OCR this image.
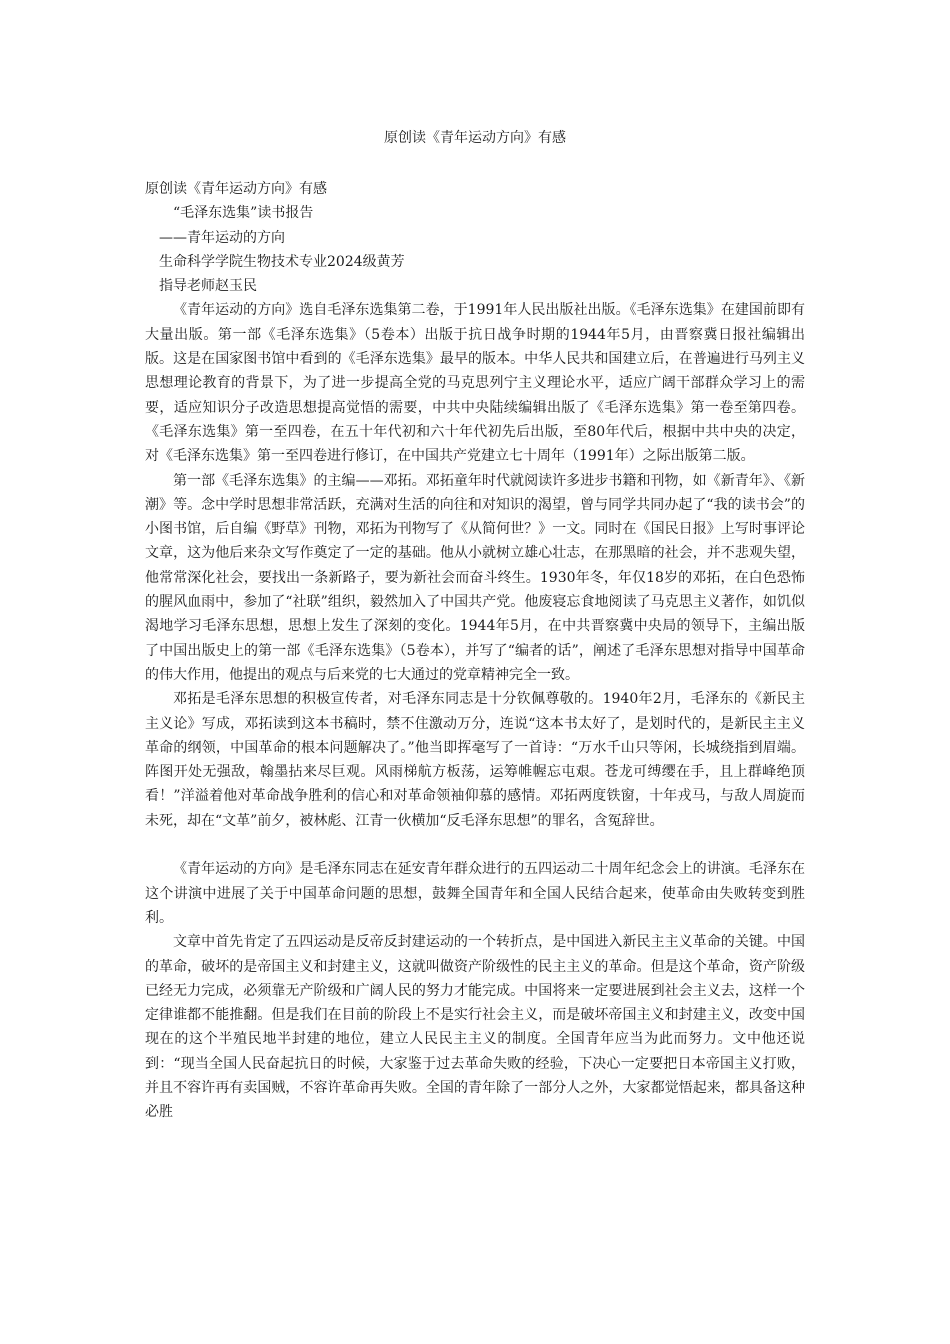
原创读《青年运动方向》有感

原创读《青年运动方向》有感

“毛泽东选集”读书报告

——青年运动的方向

生命科学学院生物技术专业2024级黄芳

指导老师赵玉民

《青年运动的方向》选自毛泽东选集第二卷，于1991年人民出版社出版。《毛泽东选集》在建国前即有大量出版。第一部《毛泽东选集》（5卷本）出版于抗日战争时期的1944年5月，由晋察冀日报社编辑出版。这是在国家图书馆中看到的《毛泽东选集》最早的版本。中华人民共和国建立后，在普遍进行马列主义思想理论教育的背景下，为了进一步提高全党的马克思列宁主义理论水平，适应广阔干部群众学习上的需要，适应知识分子改造思想提高觉悟的需要，中共中央陆续编辑出版了《毛泽东选集》第一卷至第四卷。《毛泽东选集》第一至四卷，在五十年代初和六十年代初先后出版，至80年代后，根据中共中央的决定，对《毛泽东选集》第一至四卷进行修订，在中国共产党建立七十周年（1991年）之际出版第二版。

第一部《毛泽东选集》的主编——邓拓。邓拓童年时代就阅读许多进步书籍和刊物，如《新青年》、《新潮》等。念中学时思想非常活跃，充满对生活的向往和对知识的渴望，曾与同学共同办起了“我的读书会”的小图书馆，后自编《野草》刊物，邓拓为刊物写了《从简何世？》一文。同时在《国民日报》上写时事评论文章，这为他后来杂文写作奠定了一定的基础。他从小就树立雄心壮志，在那黑暗的社会，并不悲观失望，他常常深化社会，要找出一条新路子，要为新社会而奋斗终生。1930年冬，年仅18岁的邓拓，在白色恐怖的腥风血雨中，参加了“社联”组织，毅然加入了中国共产党。他废寝忘食地阅读了马克思主义著作，如饥似渴地学习毛泽东思想，思想上发生了深刻的变化。1944年5月，在中共晋察冀中央局的领导下，主编出版了中国出版史上的第一部《毛泽东选集》（5卷本），并写了“编者的话”，阐述了毛泽东思想对指导中国革命的伟大作用，他提出的观点与后来党的七大通过的党章精神完全一致。

邓拓是毛泽东思想的积极宣传者，对毛泽东同志是十分钦佩尊敬的。1940年2月，毛泽东的《新民主主义论》写成，邓拓读到这本书稿时，禁不住激动万分，连说“这本书太好了，是划时代的，是新民主主义革命的纲领，中国革命的根本问题解决了。”他当即挥毫写了一首诗：“万水千山只等闲，长城绕指到眉端。阵图开处无强敌，翰墨拈来尽巨观。风雨梯航方板荡，运筹帷幄忘屯艰。苍龙可缚缨在手，且上群峰绝顶看！”洋溢着他对革命战争胜利的信心和对革命领袖仰慕的感情。邓拓两度铁窗，十年戎马，与敌人周旋而未死，却在“文革”前夕，被林彪、江青一伙横加“反毛泽东思想”的罪名，含冤辞世。

《青年运动的方向》是毛泽东同志在延安青年群众进行的五四运动二十周年纪念会上的讲演。毛泽东在这个讲演中进展了关于中国革命问题的思想，鼓舞全国青年和全国人民结合起来，使革命由失败转变到胜利。

文章中首先肯定了五四运动是反帝反封建运动的一个转折点，是中国进入新民主主义革命的关键。中国的革命，破坏的是帝国主义和封建主义，这就叫做资产阶级性的民主主义的革命。但是这个革命，资产阶级已经无力完成，必须靠无产阶级和广阔人民的努力才能完成。中国将来一定要进展到社会主义去，这样一个定律谁都不能推翻。但是我们在目前的阶段上不是实行社会主义，而是破坏帝国主义和封建主义，改变中国现在的这个半殖民地半封建的地位，建立人民民主主义的制度。全国青年应当为此而努力。文中他还说到：“现当全国人民奋起抗日的时候，大家鉴于过去革命失败的经验，下决心一定要把日本帝国主义打败，并且不容许再有卖国贼，不容许革命再失败。全国的青年除了一部分人之外，大家都觉悟起来，都具备这种必胜
